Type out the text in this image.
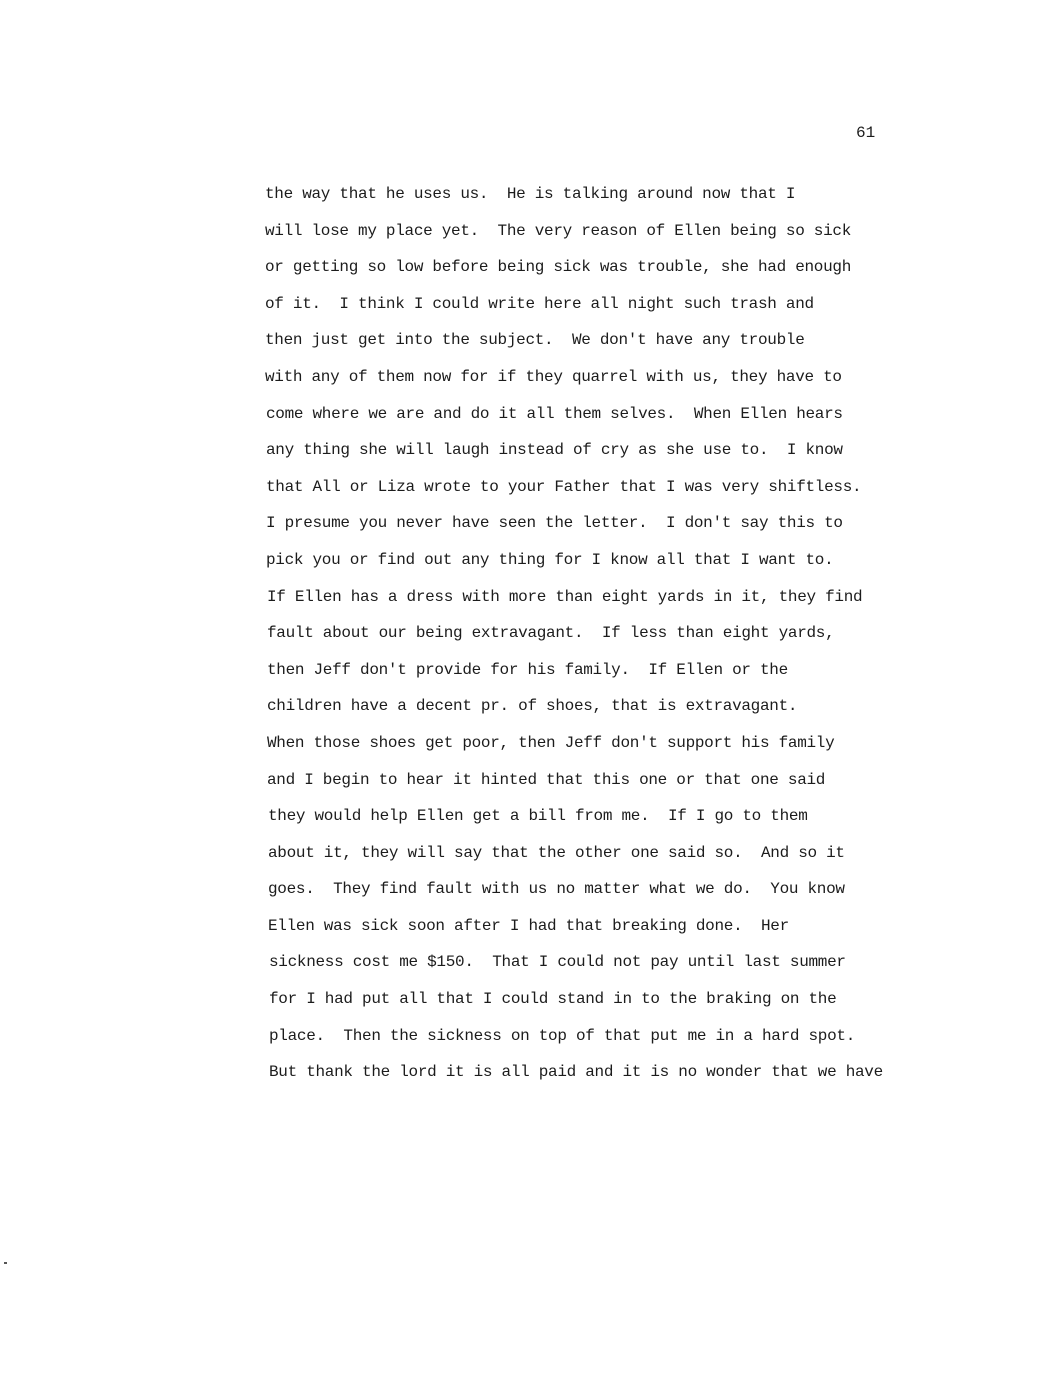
61
the way that he uses us.  He is talking around now that I
will lose my place yet.  The very reason of Ellen being so sick
or getting so low before being sick was trouble, she had enough
of it.  I think I could write here all night such trash and
then just get into the subject.  We don't have any trouble
with any of them now for if they quarrel with us, they have to
come where we are and do it all them selves.  When Ellen hears
any thing she will laugh instead of cry as she use to.  I know
that All or Liza wrote to your Father that I was very shiftless.
I presume you never have seen the letter.  I don't say this to
pick you or find out any thing for I know all that I want to.
If Ellen has a dress with more than eight yards in it, they find
fault about our being extravagant.  If less than eight yards,
then Jeff don't provide for his family.  If Ellen or the
children have a decent pr. of shoes, that is extravagant.
When those shoes get poor, then Jeff don't support his family
and I begin to hear it hinted that this one or that one said
they would help Ellen get a bill from me.  If I go to them
about it, they will say that the other one said so.  And so it
goes.  They find fault with us no matter what we do.  You know
Ellen was sick soon after I had that breaking done.  Her
sickness cost me $150.  That I could not pay until last summer
for I had put all that I could stand in to the braking on the
place.  Then the sickness on top of that put me in a hard spot.
But thank the lord it is all paid and it is no wonder that we have
